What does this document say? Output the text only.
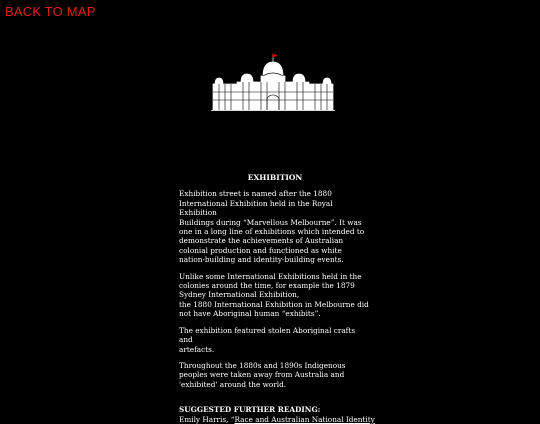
BACK TO MAP
EXHIBITION

Exhibition street is named after the 1880
International Exhibition held in the Royal Exhibition
Buildings during “Marvellous Melbourne”. It was
one in a long line of exhibitions which intended to
demonstrate the achievements of Australian
colonial production and functioned as white
nation-building and identity-building events.

Unlike some International Exhibitions held in the
colonies around the time, for example the 1879
Sydney International Exhibition,
the 1880 International Exhibition in Melbourne did
not have Aboriginal human “exhibits”.

The exhibition featured stolen Aboriginal crafts and
artefacts.

Throughout the 1880s and 1890s Indigenous
peoples were taken away from Australia and
'exhibited' around the world.

SUGGESTED FURTHER READING:

Emily Harris, “Race and Australian National Identity
